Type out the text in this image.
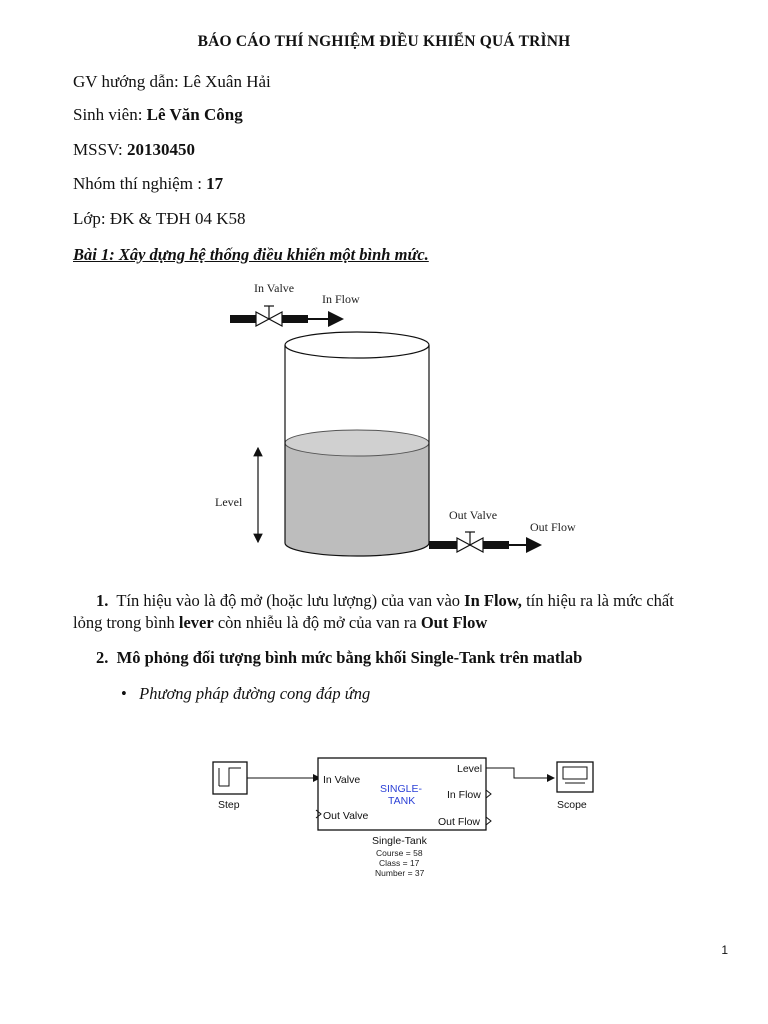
BÁO CÁO THÍ NGHIỆM ĐIỀU KHIỂN QUÁ TRÌNH
GV hướng dẫn: Lê Xuân Hải
Sinh viên: Lê Văn Công
MSSV: 20130450
Nhóm thí nghiệm : 17
Lớp: ĐK & TĐH 04 K58
Bài 1: Xây dựng hệ thống điều khiển một bình mức.
In Valve
In Flow
Level
Out Valve
Out Flow
1. Tín hiệu vào là độ mở (hoặc lưu lượng) của van vào In Flow, tín hiệu ra là mức chất
lỏng trong bình lever còn nhiễu là độ mở của van ra Out Flow
2. Mô phỏng đối tượng bình mức bằng khối Single-Tank trên matlab
• Phương pháp đường cong đáp ứng
Step
In Valve
Out Valve
SINGLE-
TANK
Level
In Flow
Out Flow
Scope
Single-Tank
Course = 58
Class = 17
Number = 37
1
